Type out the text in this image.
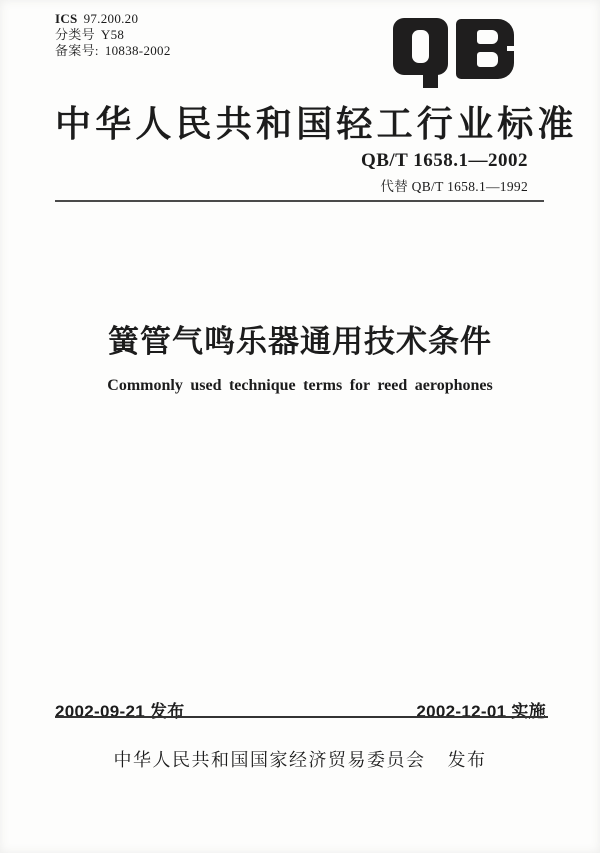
ICS 97.200.20
分类号 Y58
备案号: 10838-2002
中华人民共和国轻工行业标准
QB/T 1658.1—2002
代替 QB/T 1658.1—1992
簧管气鸣乐器通用技术条件
Commonly used technique terms for reed aerophones
2002-09-21 发布	2002-12-01 实施
中华人民共和国国家经济贸易委员会 发布
